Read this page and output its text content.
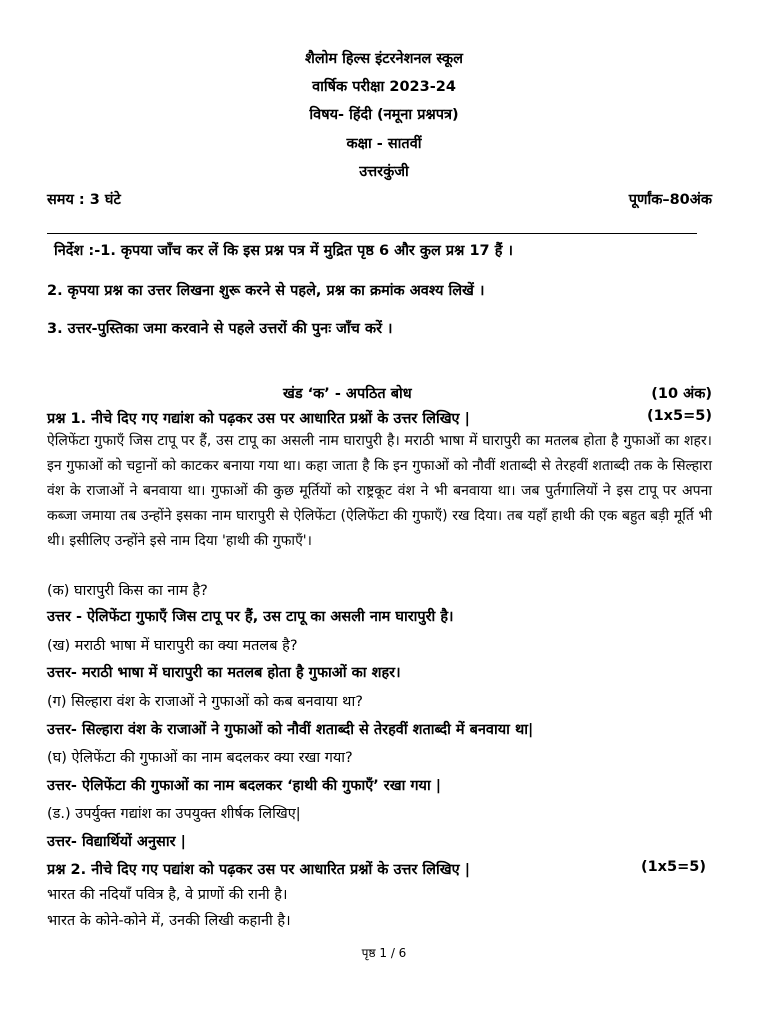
शैलोम हिल्स इंटरनेशनल स्कूल
वार्षिक परीक्षा 2023-24
विषय- हिंदी (नमूना प्रश्नपत्र)
कक्षा - सातवीं
उत्तरकुंजी
समय : 3 घंटे	पूर्णांक–80अंक
निर्देश :-1. कृपया जाँच कर लें कि इस प्रश्न पत्र में मुद्रित पृष्ठ 6 और कुल प्रश्न 17 हैं ।
2. कृपया प्रश्न का उत्तर लिखना शुरू करने से पहले, प्रश्न का क्रमांक अवश्य लिखें ।
3. उत्तर-पुस्तिका जमा करवाने से पहले उत्तरों की पुनः जाँच करें ।
खंड ‘क’ - अपठित बोध	(10 अंक)
प्रश्न 1. नीचे दिए गए गद्यांश को पढ़कर उस पर आधारित प्रश्नों के उत्तर लिखिए |	(1x5=5)
ऐलिफेंटा गुफाएँ जिस टापू पर हैं, उस टापू का असली नाम घारापुरी है। मराठी भाषा में घारापुरी का मतलब होता है गुफाओं का शहर। इन गुफाओं को चट्टानों को काटकर बनाया गया था। कहा जाता है कि इन गुफाओं को नौवीं शताब्दी से तेरहवीं शताब्दी तक के सिल्हारा वंश के राजाओं ने बनवाया था। गुफाओं की कुछ मूर्तियों को राष्ट्रकूट वंश ने भी बनवाया था। जब पुर्तगालियों ने इस टापू पर अपना कब्जा जमाया तब उन्होंने इसका नाम घारापुरी से ऐलिफेंटा (ऐलिफेंटा की गुफाएँ) रख दिया। तब यहाँ हाथी की एक बहुत बड़ी मूर्ति भी थी। इसीलिए उन्होंने इसे नाम दिया 'हाथी की गुफाएँ'।
(क) घारापुरी किस का नाम है?
उत्तर - ऐलिफेंटा गुफाएँ जिस टापू पर हैं, उस टापू का असली नाम घारापुरी है।
(ख) मराठी भाषा में घारापुरी का क्या मतलब है?
उत्तर- मराठी भाषा में घारापुरी का मतलब होता है गुफाओं का शहर।
(ग) सिल्हारा वंश के राजाओं ने गुफाओं को कब बनवाया था?
उत्तर- सिल्हारा वंश के राजाओं ने गुफाओं को नौवीं शताब्दी से तेरहवीं शताब्दी में बनवाया था|
(घ) ऐलिफेंटा की गुफाओं का नाम बदलकर क्या रखा गया?
उत्तर- ऐलिफेंटा की गुफाओं का नाम बदलकर ‘हाथी की गुफाएँ’ रखा गया |
(ड.) उपर्युक्त गद्यांश का उपयुक्त शीर्षक लिखिए|
उत्तर- विद्यार्थियों अनुसार |
प्रश्न 2. नीचे दिए गए पद्यांश को पढ़कर उस पर आधारित प्रश्नों के उत्तर लिखिए |	(1x5=5)
भारत की नदियाँ पवित्र है, वे प्राणों की रानी है।
भारत के कोने-कोने में, उनकी लिखी कहानी है।
पृष्ठ 1 / 6
